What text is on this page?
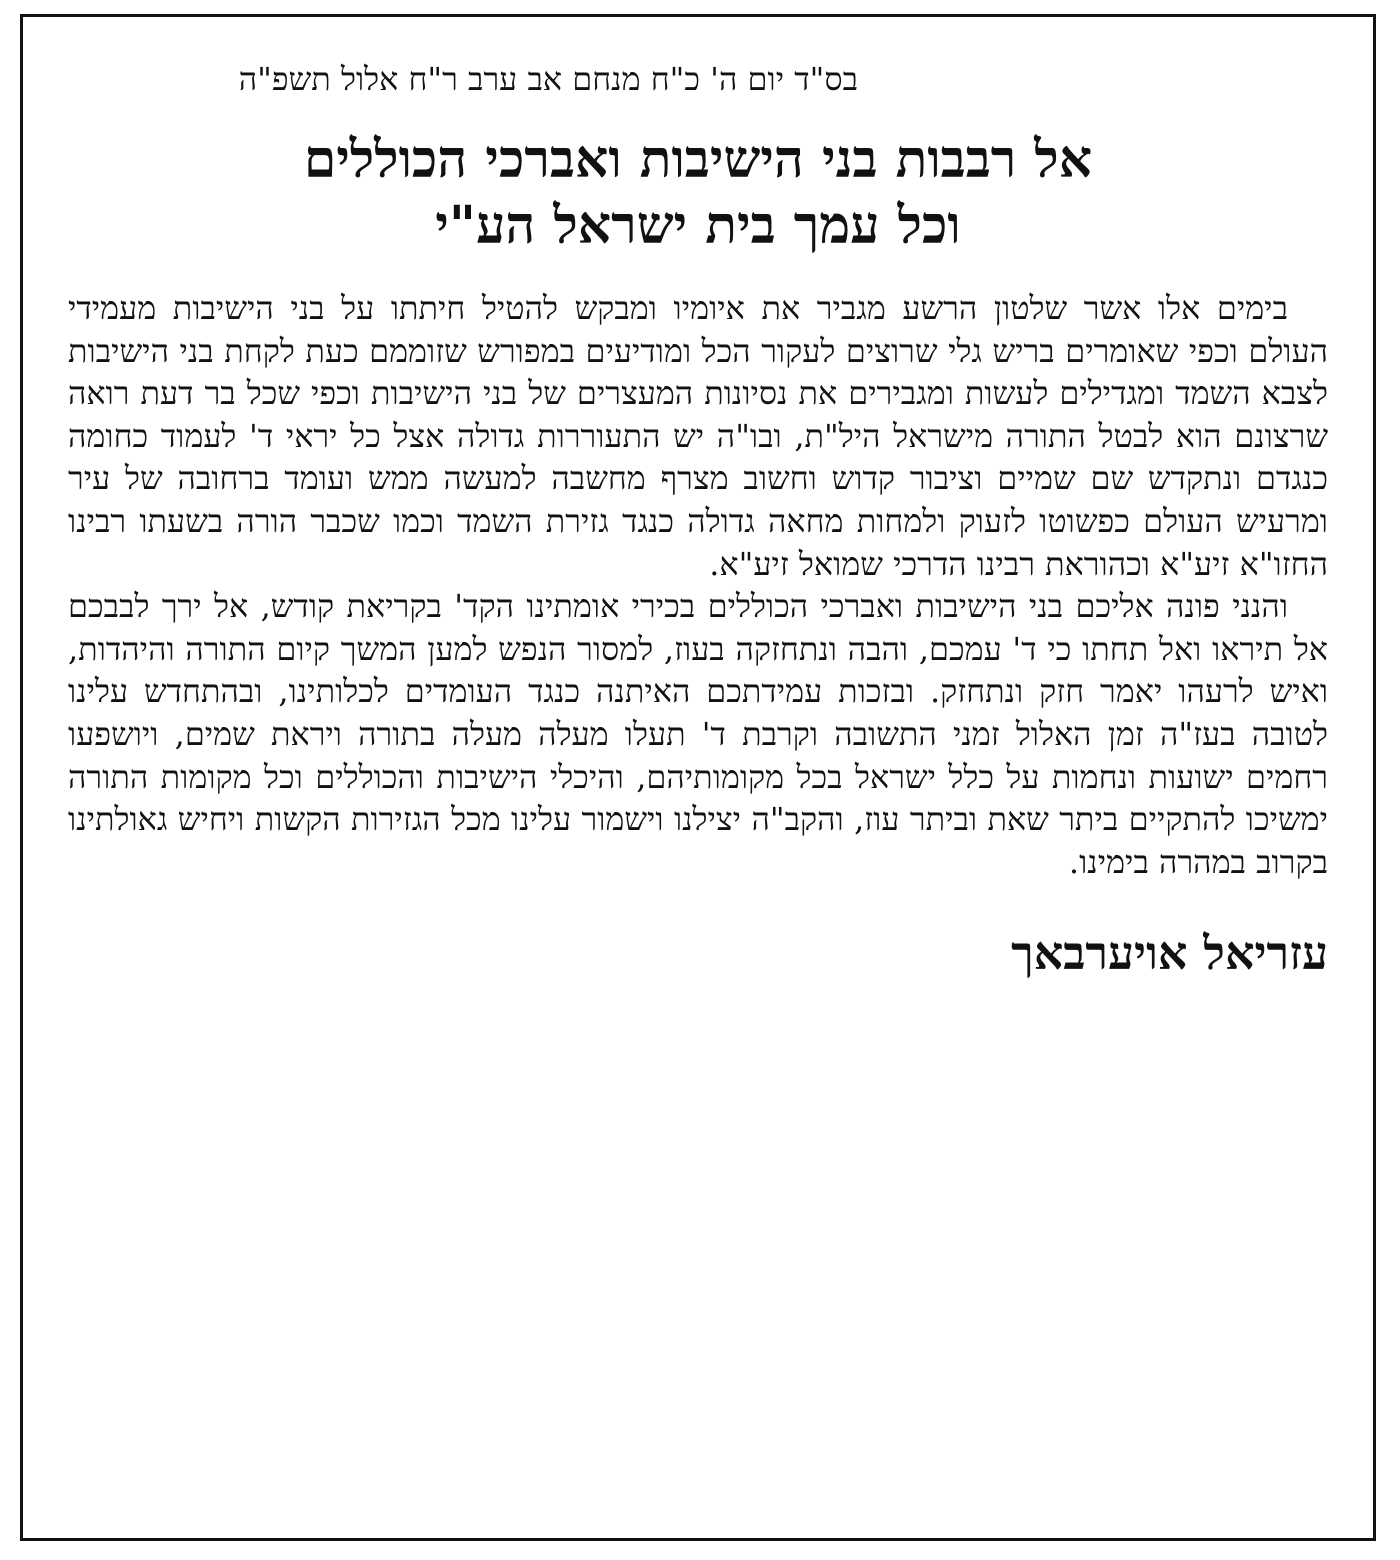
בס"ד יום ה' כ"ח מנחם אב ערב ר"ח אלול תשפ"ה

אל רבבות בני הישיבות ואברכי הכוללים
וכל עמך בית ישראל הע"י

בימים אלו אשר שלטון הרשע מגביר את איומיו ומבקש להטיל חיתתו על בני הישיבות מעמידי העולם וכפי שאומרים בריש גלי שרוצים לעקור הכל ומודיעים במפורש שזוממם כעת לקחת בני הישיבות לצבא השמד ומגדילים לעשות ומגבירים את נסיונות המעצרים של בני הישיבות וכפי שכל בר דעת רואה שרצונם הוא לבטל התורה מישראל היל"ת, ובו"ה יש התעוררות גדולה אצל כל יראי ד' לעמוד כחומה כנגדם ונתקדש שם שמיים וציבור קדוש וחשוב מצרף מחשבה למעשה ממש ועומד ברחובה של עיר ומרעיש העולם כפשוטו לזעוק ולמחות מחאה גדולה כנגד גזירת השמד וכמו שכבר הורה בשעתו רבינו החזו"א זיע"א וכהוראת רבינו הדרכי שמואל זיע"א.

והנני פונה אליכם בני הישיבות ואברכי הכוללים בכירי אומתינו הקד' בקריאת קודש, אל ירך לבבכם אל תיראו ואל תחתו כי ד' עמכם, והבה ונתחזקה בעוז, למסור הנפש למען המשך קיום התורה והיהדות, ואיש לרעהו יאמר חזק ונתחזק. ובזכות עמידתכם האיתנה כנגד העומדים לכלותינו, ובהתחדש עלינו לטובה בעז"ה זמן האלול זמני התשובה וקרבת ד' תעלו מעלה מעלה בתורה ויראת שמים, ויושפעו רחמים ישועות ונחמות על כלל ישראל בכל מקומותיהם, והיכלי הישיבות והכוללים וכל מקומות התורה ימשיכו להתקיים ביתר שאת וביתר עוז, והקב"ה יצילנו וישמור עלינו מכל הגזירות הקשות ויחיש גאולתינו בקרוב במהרה בימינו.

עזריאל אויערבאך
